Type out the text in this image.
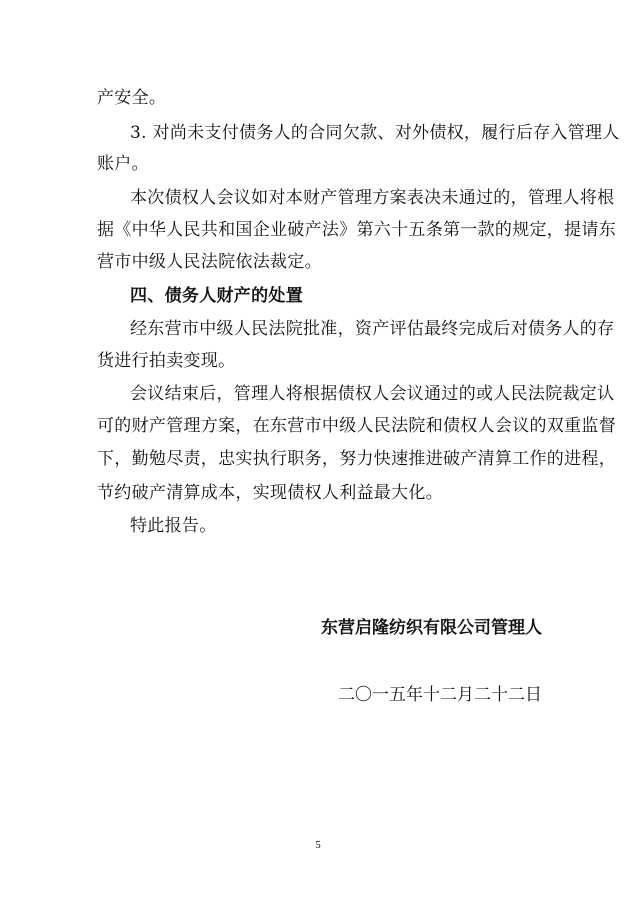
产安全。
3. 对尚未支付债务人的合同欠款、对外债权，履行后存入管理人
账户。
本次债权人会议如对本财产管理方案表决未通过的，管理人将根
据《中华人民共和国企业破产法》第六十五条第一款的规定，提请东
营市中级人民法院依法裁定。
四、债务人财产的处置
经东营市中级人民法院批准，资产评估最终完成后对债务人的存
货进行拍卖变现。
会议结束后，管理人将根据债权人会议通过的或人民法院裁定认
可的财产管理方案，在东营市中级人民法院和债权人会议的双重监督
下，勤勉尽责，忠实执行职务，努力快速推进破产清算工作的进程，
节约破产清算成本，实现债权人利益最大化。
特此报告。
东营启隆纺织有限公司管理人
二〇一五年十二月二十二日
5
